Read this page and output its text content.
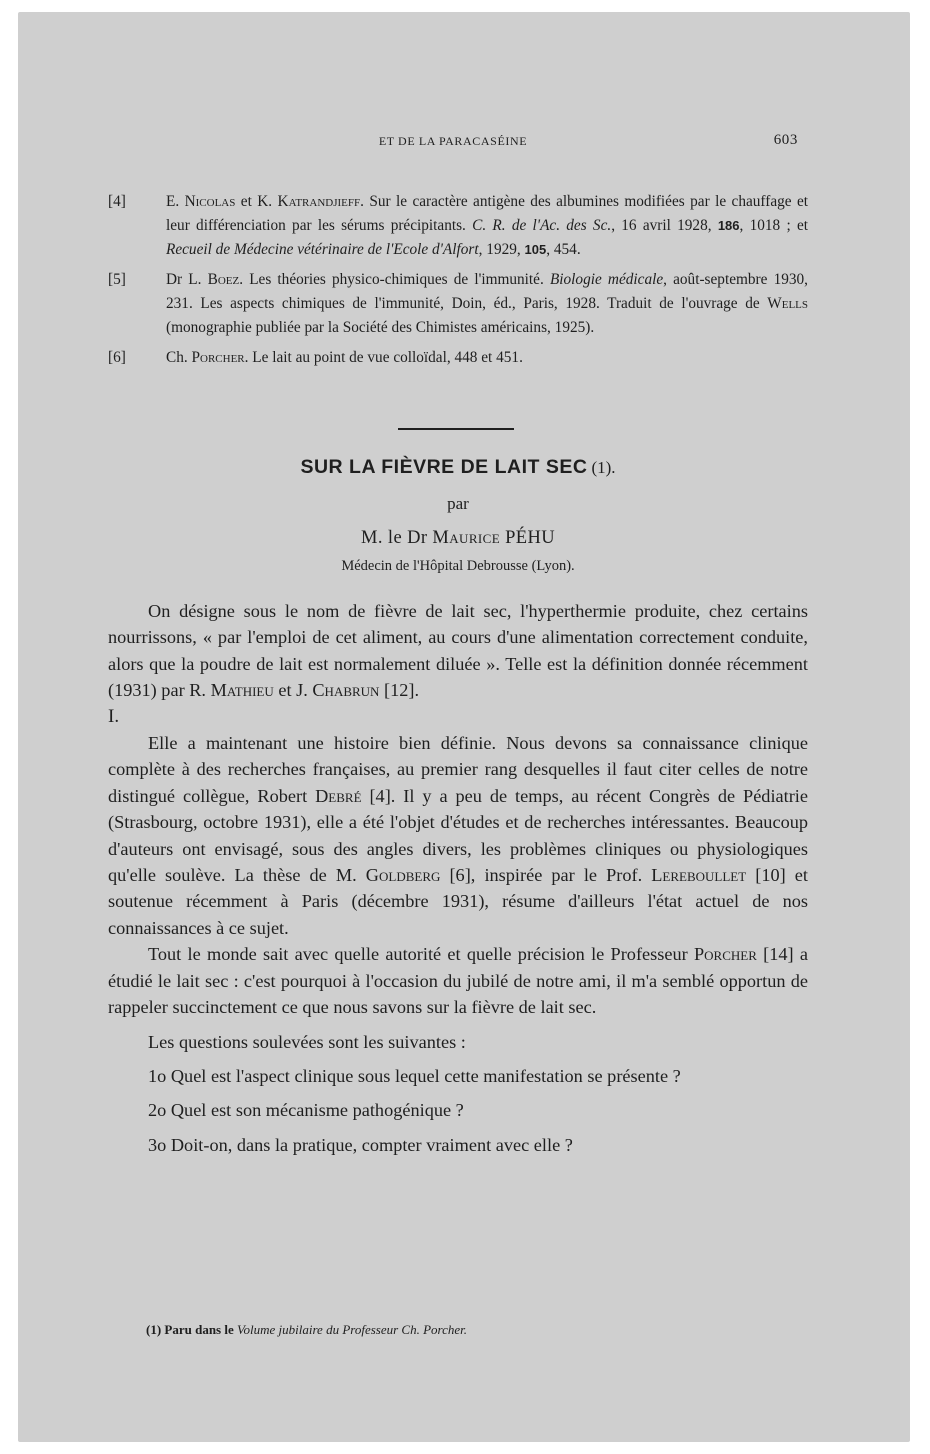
ET DE LA PARACASÉINE	603
[4]	E. Nicolas et K. Katrandjieff. Sur le caractère antigène des albumines modifiées par le chauffage et leur différenciation par les sérums précipitants. C. R. de l'Ac. des Sc., 16 avril 1928, 186, 1018 ; et Recueil de Médecine vétérinaire de l'Ecole d'Alfort, 1929, 105, 454.
[5]	Dr L. Boez. Les théories physico-chimiques de l'immunité. Biologie médicale, août-septembre 1930, 231. Les aspects chimiques de l'immunité, Doin, éd., Paris, 1928. Traduit de l'ouvrage de Wells (monographie publiée par la Société des Chimistes américains, 1925).
[6]	Ch. Porcher. Le lait au point de vue colloïdal, 448 et 451.
SUR LA FIÈVRE DE LAIT SEC (1).
par
M. le Dr Maurice PÉHU
Médecin de l'Hôpital Debrousse (Lyon).

On désigne sous le nom de fièvre de lait sec, l'hyperthermie produite, chez certains nourrissons, « par l'emploi de cet aliment, au cours d'une alimentation correctement conduite, alors que la poudre de lait est normalement diluée ». Telle est la définition donnée récemment (1931) par R. Mathieu et J. Chabrun [12].

I.

Elle a maintenant une histoire bien définie. Nous devons sa connaissance clinique complète à des recherches françaises, au premier rang desquelles il faut citer celles de notre distingué collègue, Robert Debré [4]. Il y a peu de temps, au récent Congrès de Pédiatrie (Strasbourg, octobre 1931), elle a été l'objet d'études et de recherches intéressantes. Beaucoup d'auteurs ont envisagé, sous des angles divers, les problèmes cliniques ou physiologiques qu'elle soulève. La thèse de M. Goldberg [6], inspirée par le Prof. Lereboullet [10] et soutenue récemment à Paris (décembre 1931), résume d'ailleurs l'état actuel de nos connaissances à ce sujet.

Tout le monde sait avec quelle autorité et quelle précision le Professeur Porcher [14] a étudié le lait sec : c'est pourquoi à l'occasion du jubilé de notre ami, il m'a semblé opportun de rappeler succinctement ce que nous savons sur la fièvre de lait sec.

Les questions soulevées sont les suivantes :

1o Quel est l'aspect clinique sous lequel cette manifestation se présente ?

2o Quel est son mécanisme pathogénique ?

3o Doit-on, dans la pratique, compter vraiment avec elle ?

(1) Paru dans le Volume jubilaire du Professeur Ch. Porcher.
